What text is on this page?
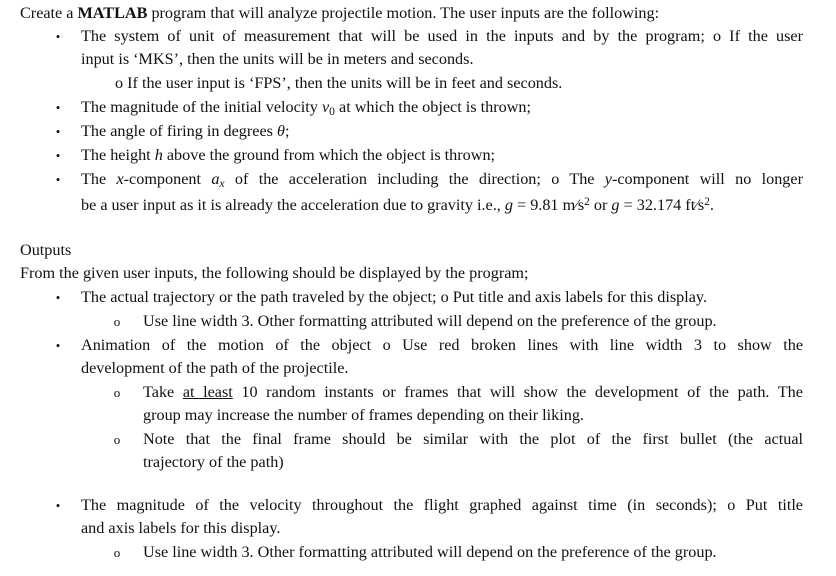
Create a MATLAB program that will analyze projectile motion. The user inputs are the following:
• The system of unit of measurement that will be used in the inputs and by the program; o If the user
input is ‘MKS’, then the units will be in meters and seconds.
o If the user input is ‘FPS’, then the units will be in feet and seconds.
• The magnitude of the initial velocity $v_0$ at which the object is thrown;
• The angle of firing in degrees θ;
• The height h above the ground from which the object is thrown;
• The x-component $a_x$ of the acceleration including the direction; o The y-component will no longer
be a user input as it is already the acceleration due to gravity i.e., g = 9.81 $m⁄s^2$ or g = 32.174 $ft⁄s^2$.
Outputs
From the given user inputs, the following should be displayed by the program;
• The actual trajectory or the path traveled by the object; o Put title and axis labels for this display.
o Use line width 3. Other formatting attributed will depend on the preference of the group.
• Animation of the motion of the object o Use red broken lines with line width 3 to show the
development of the path of the projectile.
o Take at least 10 random instants or frames that will show the development of the path. The
group may increase the number of frames depending on their liking.
o Note that the final frame should be similar with the plot of the first bullet (the actual
trajectory of the path)
• The magnitude of the velocity throughout the flight graphed against time (in seconds); o Put title
and axis labels for this display.
o Use line width 3. Other formatting attributed will depend on the preference of the group.
